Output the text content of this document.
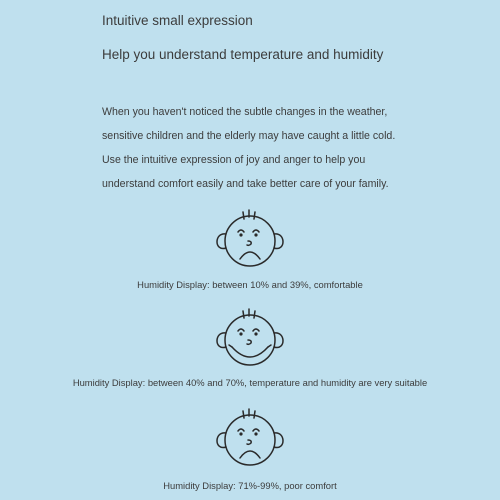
Intuitive small expression
Help you understand temperature and humidity
When you haven't noticed the subtle changes in the weather,
sensitive children and the elderly may have caught a little cold.
Use the intuitive expression of joy and anger to help you
understand comfort easily and take better care of your family.
Humidity Display: between 10% and 39%, comfortable
Humidity Display: between 40% and 70%, temperature and humidity are very suitable
Humidity Display: 71%-99%, poor comfort
